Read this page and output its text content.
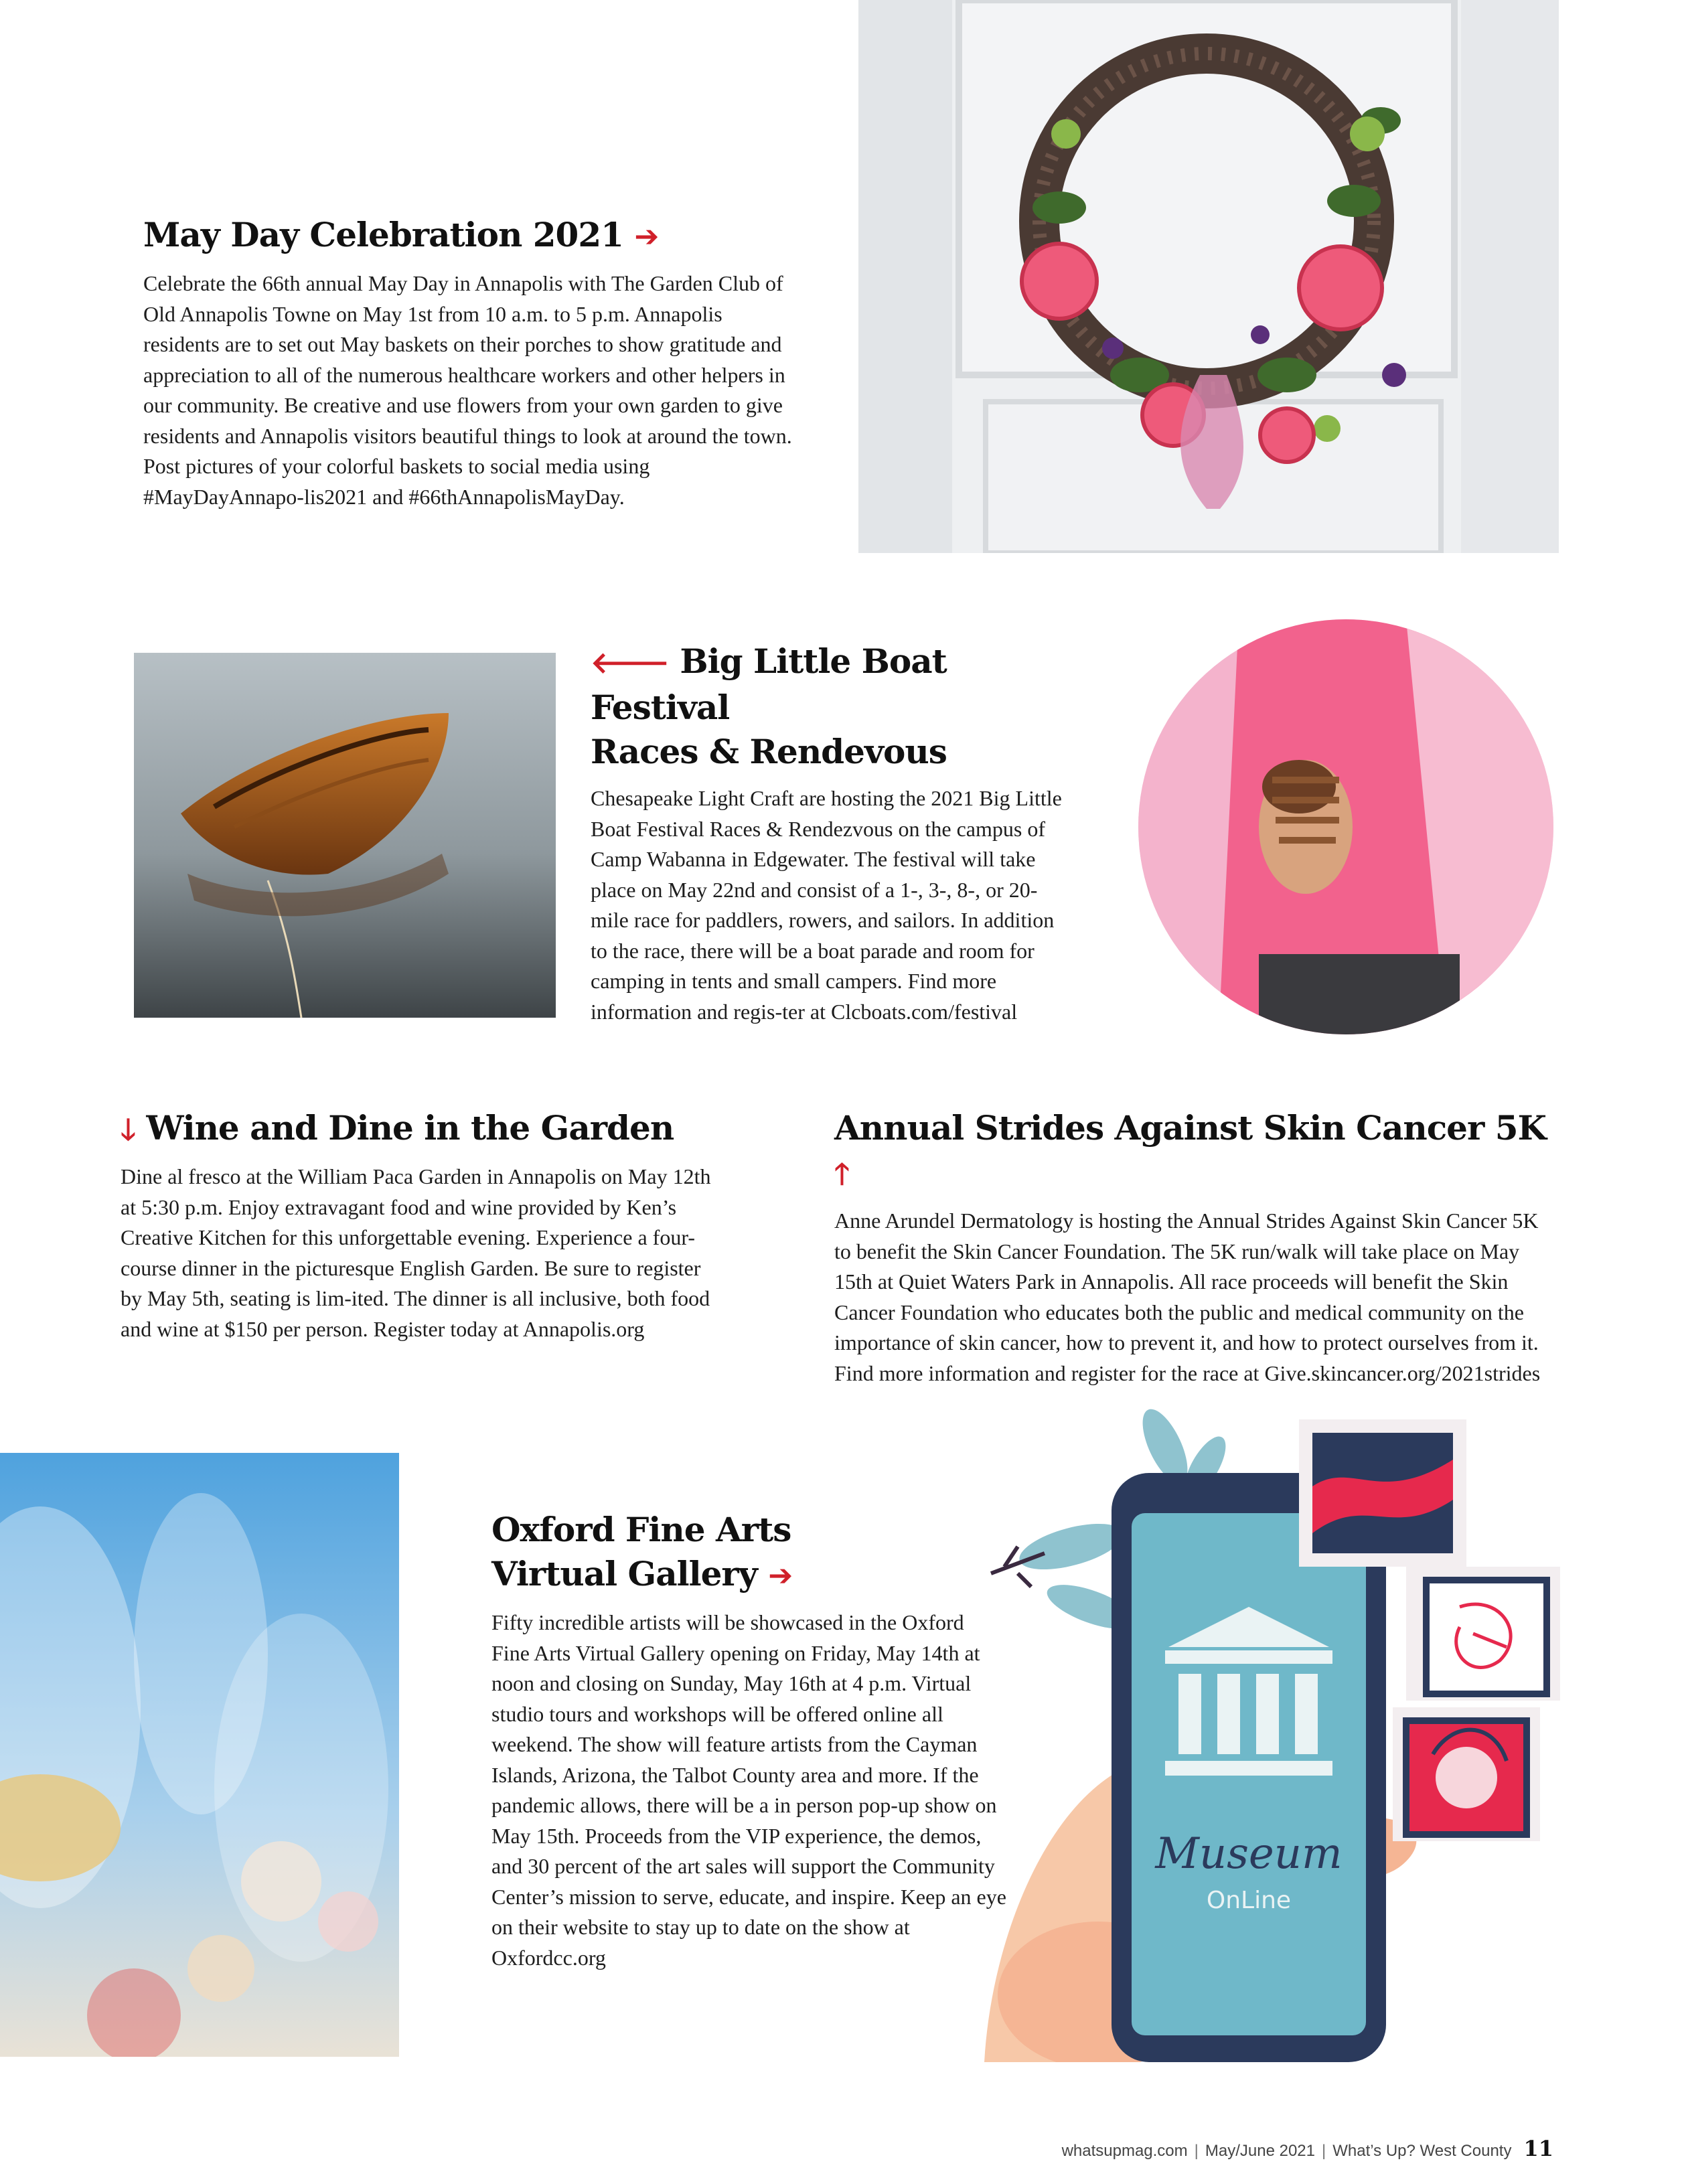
May Day Celebration 2021 ➔

Celebrate the 66th annual May Day in Annapolis with The Garden Club of Old Annapolis Towne on May 1st from 10 a.m. to 5 p.m. Annapolis residents are to set out May baskets on their porches to show gratitude and appreciation to all of the numerous healthcare workers and other helpers in our community. Be creative and use flowers from your own garden to give residents and Annapolis visitors beautiful things to look at around the town. Post pictures of your colorful baskets to social media using #MayDayAnnapo-lis2021 and #66thAnnapolisMayDay.

🡐 Big Little Boat Festival
Races & Rendevous

Chesapeake Light Craft are hosting the 2021 Big Little Boat Festival Races & Rendezvous on the campus of Camp Wabanna in Edgewater. The festival will take place on May 22nd and consist of a 1-, 3-, 8-, or 20- mile race for paddlers, rowers, and sailors. In addition to the race, there will be a boat parade and room for camping in tents and small campers. Find more information and regis-ter at Clcboats.com/festival

🡓 Wine and Dine in the Garden

Dine al fresco at the William Paca Garden in Annapolis on May 12th at 5:30 p.m. Enjoy extravagant food and wine provided by Ken’s Creative Kitchen for this unforgettable evening. Experience a four-course dinner in the picturesque English Garden. Be sure to register by May 5th, seating is lim-ited. The dinner is all inclusive, both food and wine at $150 per person. Register today at Annapolis.org

Annual Strides Against Skin Cancer 5K 🡑

Anne Arundel Dermatology is hosting the Annual Strides Against Skin Cancer 5K to benefit the Skin Cancer Foundation. The 5K run/walk will take place on May 15th at Quiet Waters Park in Annapolis. All race proceeds will benefit the Skin Cancer Foundation who educates both the public and medical community on the importance of skin cancer, how to prevent it, and how to protect ourselves from it. Find more information and register for the race at Give.skincancer.org/2021strides

Oxford Fine Arts
Virtual Gallery ➔

Fifty incredible artists will be showcased in the Oxford Fine Arts Virtual Gallery opening on Friday, May 14th at noon and closing on Sunday, May 16th at 4 p.m. Virtual studio tours and workshops will be offered online all weekend. The show will feature artists from the Cayman Islands, Arizona, the Talbot County area and more. If the pandemic allows, there will be a in person pop-up show on May 15th. Proceeds from the VIP experience, the demos, and 30 percent of the art sales will support the Community Center’s mission to serve, educate, and inspire. Keep an eye on their website to stay up to date on the show at Oxfordcc.org

Museum
OnLine
whatsupmag.com | May/June 2021 | What’s Up? West County 11
